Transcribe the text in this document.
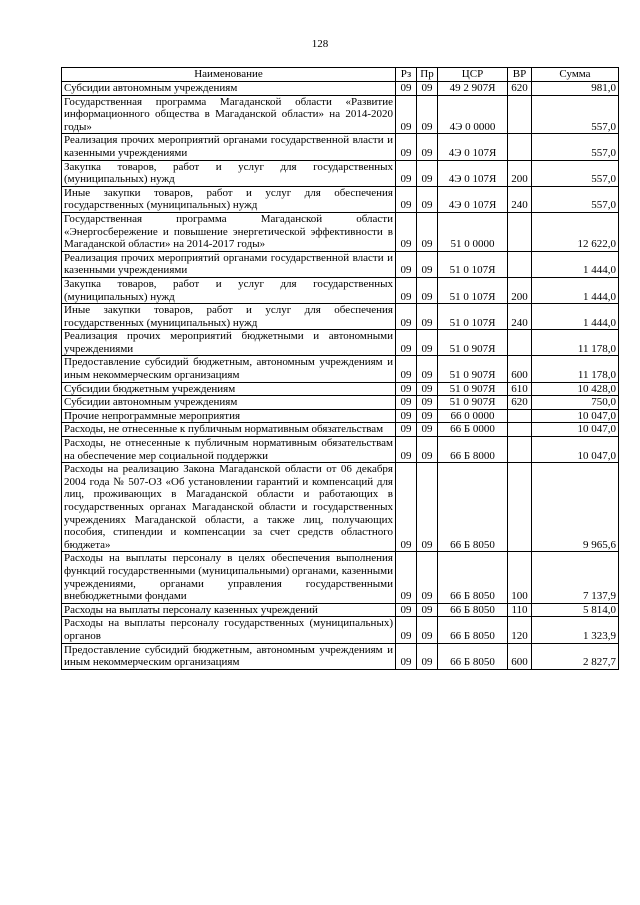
128
Наименование	Рз	Пр	ЦСР	ВР	Сумма
Субсидии автономным учреждениям	09	09	49 2 907Я	620	981,0
Государственная программа Магаданской области «Развитие информационного общества в Магаданской области» на 2014-2020 годы»	09	09	4Э 0 0000		557,0
Реализация прочих мероприятий органами государственной власти и казенными учреждениями	09	09	4Э 0 107Я		557,0
Закупка товаров, работ и услуг для государственных (муниципальных) нужд	09	09	4Э 0 107Я	200	557,0
Иные закупки товаров, работ и услуг для обеспечения государственных (муниципальных) нужд	09	09	4Э 0 107Я	240	557,0
Государственная программа Магаданской области «Энергосбережение и повышение энергетической эффективности в Магаданской области» на 2014-2017 годы»	09	09	51 0 0000		12 622,0
Реализация прочих мероприятий органами государственной власти и казенными учреждениями	09	09	51 0 107Я		1 444,0
Закупка товаров, работ и услуг для государственных (муниципальных) нужд	09	09	51 0 107Я	200	1 444,0
Иные закупки товаров, работ и услуг для обеспечения государственных (муниципальных) нужд	09	09	51 0 107Я	240	1 444,0
Реализация прочих мероприятий бюджетными и автономными учреждениями	09	09	51 0 907Я		11 178,0
Предоставление субсидий бюджетным, автономным учреждениям и иным некоммерческим организациям	09	09	51 0 907Я	600	11 178,0
Субсидии бюджетным учреждениям	09	09	51 0 907Я	610	10 428,0
Субсидии автономным учреждениям	09	09	51 0 907Я	620	750,0
Прочие непрограммные мероприятия	09	09	66 0 0000		10 047,0
Расходы, не отнесенные к публичным нормативным обязательствам	09	09	66 Б 0000		10 047,0
Расходы, не отнесенные к публичным нормативным обязательствам на обеспечение мер социальной поддержки	09	09	66 Б 8000		10 047,0
Расходы на реализацию Закона Магаданской области от 06 декабря 2004 года № 507-ОЗ «Об установлении гарантий и компенсаций для лиц, проживающих в Магаданской области и работающих в государственных органах Магаданской области и государственных учреждениях Магаданской области, а также лиц, получающих пособия, стипендии и компенсации за счет средств областного бюджета»	09	09	66 Б 8050		9 965,6
Расходы на выплаты персоналу в целях обеспечения выполнения функций государственными (муниципальными) органами, казенными учреждениями, органами управления государственными внебюджетными фондами	09	09	66 Б 8050	100	7 137,9
Расходы на выплаты персоналу казенных учреждений	09	09	66 Б 8050	110	5 814,0
Расходы на выплаты персоналу государственных (муниципальных) органов	09	09	66 Б 8050	120	1 323,9
Предоставление субсидий бюджетным, автономным учреждениям и иным некоммерческим организациям	09	09	66 Б 8050	600	2 827,7
